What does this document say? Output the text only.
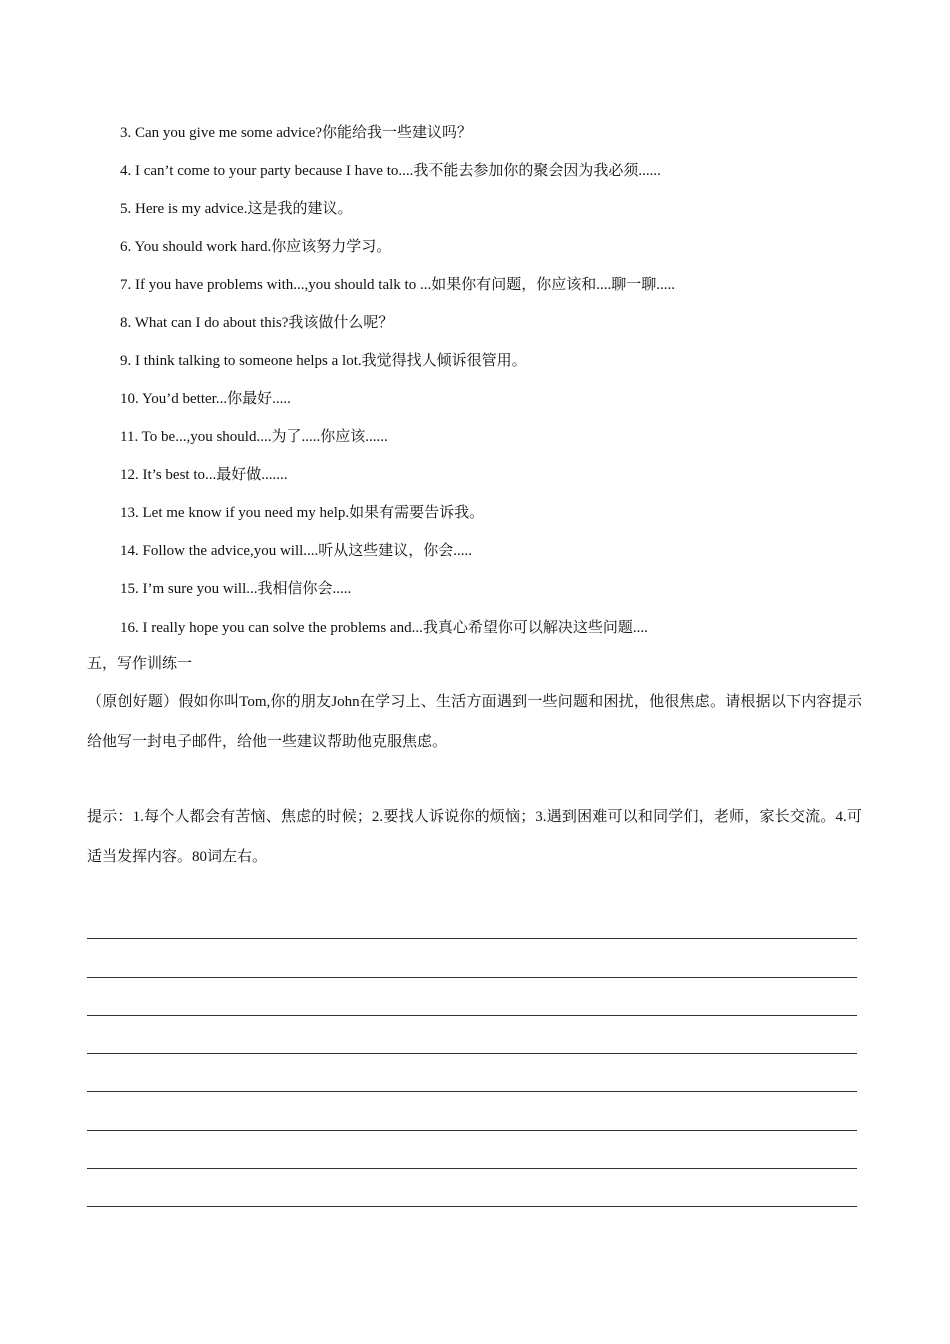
3. Can you give me some advice?你能给我一些建议吗？
4. I can’t come to your party because I have to....我不能去参加你的聚会因为我必须......
5. Here is my advice.这是我的建议。
6. You should work hard.你应该努力学习。
7. If you have problems with...,you should talk to ...如果你有问题，你应该和....聊一聊.....
8. What can I do about this?我该做什么呢？
9. I think talking to someone helps a lot.我觉得找人倾诉很管用。
10. You’d better...你最好.....
11. To be...,you should....为了.....你应该......
12. It’s best to...最好做.......
13. Let me know if you need my help.如果有需要告诉我。
14. Follow the advice,you will....听从这些建议，你会.....
15. I’m sure you will...我相信你会.....
16. I really hope you can solve the problems and...我真心希望你可以解决这些问题....
五，写作训练一
（原创好题）假如你叫Tom,你的朋友John在学习上、生活方面遇到一些问题和困扰，他很焦虑。请根据以下内容提示给他写一封电子邮件，给他一些建议帮助他克服焦虑。
提示：1.每个人都会有苦恼、焦虑的时候；2.要找人诉说你的烦恼；3.遇到困难可以和同学们，老师，家长交流。4.可适当发挥内容。80词左右。
